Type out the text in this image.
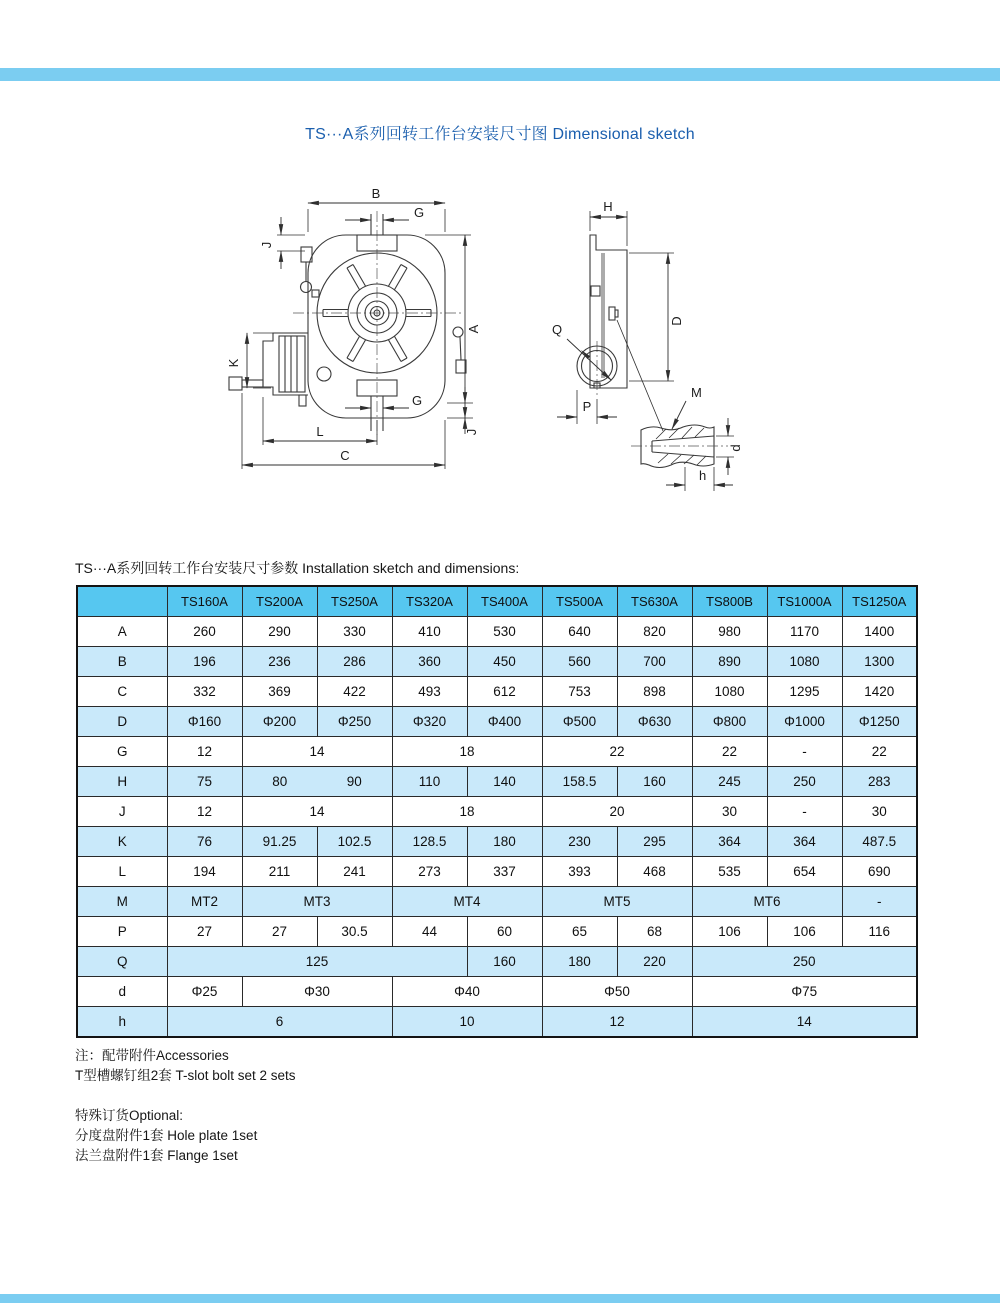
TS···A系列回转工作台安装尺寸图 Dimensional sketch
B
G
J
A
K
L
C
G
J
H
D
Q
P
M
d
h
TS···A系列回转工作台安装尺寸参数 Installation sketch and dimensions:
	TS160A	TS200A	TS250A	TS320A	TS400A	TS500A	TS630A	TS800B	TS1000A	TS1250A
A	260	290	330	410	530	640	820	980	1170	1400
B	196	236	286	360	450	560	700	890	1080	1300
C	332	369	422	493	612	753	898	1080	1295	1420
D	Φ160	Φ200	Φ250	Φ320	Φ400	Φ500	Φ630	Φ800	Φ1000	Φ1250
G	12	14		18		22		22	-	22
H	75	80	90	110	140	158.5	160	245	250	283
J	12	14		18		20		30	-	30
K	76	91.25	102.5	128.5	180	230	295	364	364	487.5
L	194	211	241	273	337	393	468	535	654	690
M	MT2	MT3		MT4		MT5		MT6		-
P	27	27	30.5	44	60	65	68	106	106	116
Q	125				160	180	220	250		
d	Φ25	Φ30		Φ40		Φ50		Φ75		
h	6			10		12		14		
注：配带附件Accessories
T型槽螺钉组2套 T-slot bolt set 2 sets
特殊订货Optional:
分度盘附件1套 Hole plate 1set
法兰盘附件1套 Flange 1set
